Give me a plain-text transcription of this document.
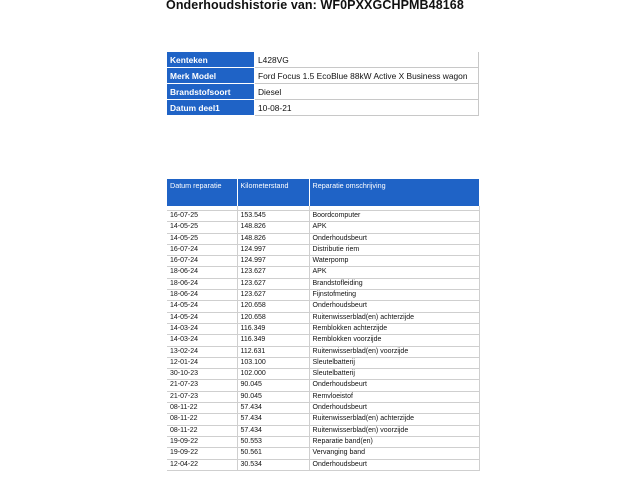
Onderhoudshistorie van: WF0PXXGCHPMB48168
Kenteken	L428VG
Merk Model	Ford Focus 1.5 EcoBlue 88kW Active X Business wagon
Brandstofsoort	Diesel
Datum deel1	10-08-21
Datum reparatie	Kilometerstand	Reparatie omschrijving

16-07-25	153.545	Boordcomputer
14-05-25	148.826	APK
14-05-25	148.826	Onderhoudsbeurt
16-07-24	124.997	Distributie riem
16-07-24	124.997	Waterpomp
18-06-24	123.627	APK
18-06-24	123.627	Brandstofleiding
18-06-24	123.627	Fijnstofmeting
14-05-24	120.658	Onderhoudsbeurt
14-05-24	120.658	Ruitenwisserblad(en) achterzijde
14-03-24	116.349	Remblokken achterzijde
14-03-24	116.349	Remblokken voorzijde
13-02-24	112.631	Ruitenwisserblad(en) voorzijde
12-01-24	103.100	Sleutelbatterij
30-10-23	102.000	Sleutelbatterij
21-07-23	90.045	Onderhoudsbeurt
21-07-23	90.045	Remvloeistof
08-11-22	57.434	Onderhoudsbeurt
08-11-22	57.434	Ruitenwisserblad(en) achterzijde
08-11-22	57.434	Ruitenwisserblad(en) voorzijde
19-09-22	50.553	Reparatie band(en)
19-09-22	50.561	Vervanging band
12-04-22	30.534	Onderhoudsbeurt
